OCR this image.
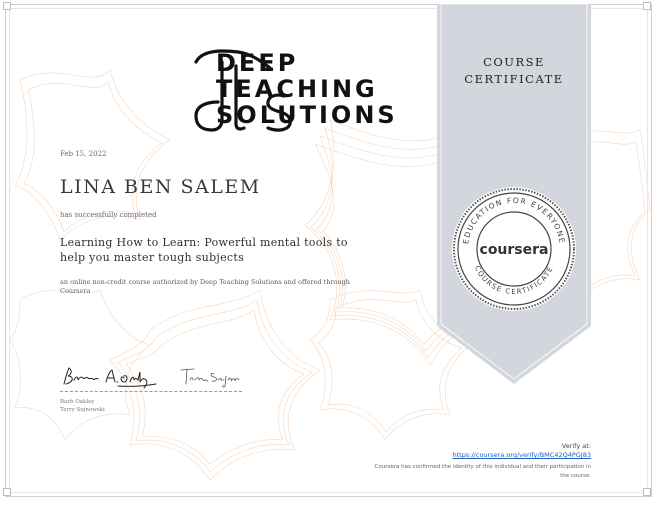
DEEP
TEACHING
SOLUTIONS
Feb 15, 2022
LINA BEN SALEM
has successfully completed
Learning How to Learn: Powerful mental tools to help you master tough subjects
an online non-credit course authorized by Deep Teaching Solutions and offered through Coursera
Barb Oakley
Terry Sejnowski
COURSE
CERTIFICATE
EDUCATION FOR EVERYONE
COURSE CERTIFICATE
coursera
Verify at:
https://coursera.org/verify/BMC42Q4PGJ83
Coursera has confirmed the identity of this individual and their participation in the course.
